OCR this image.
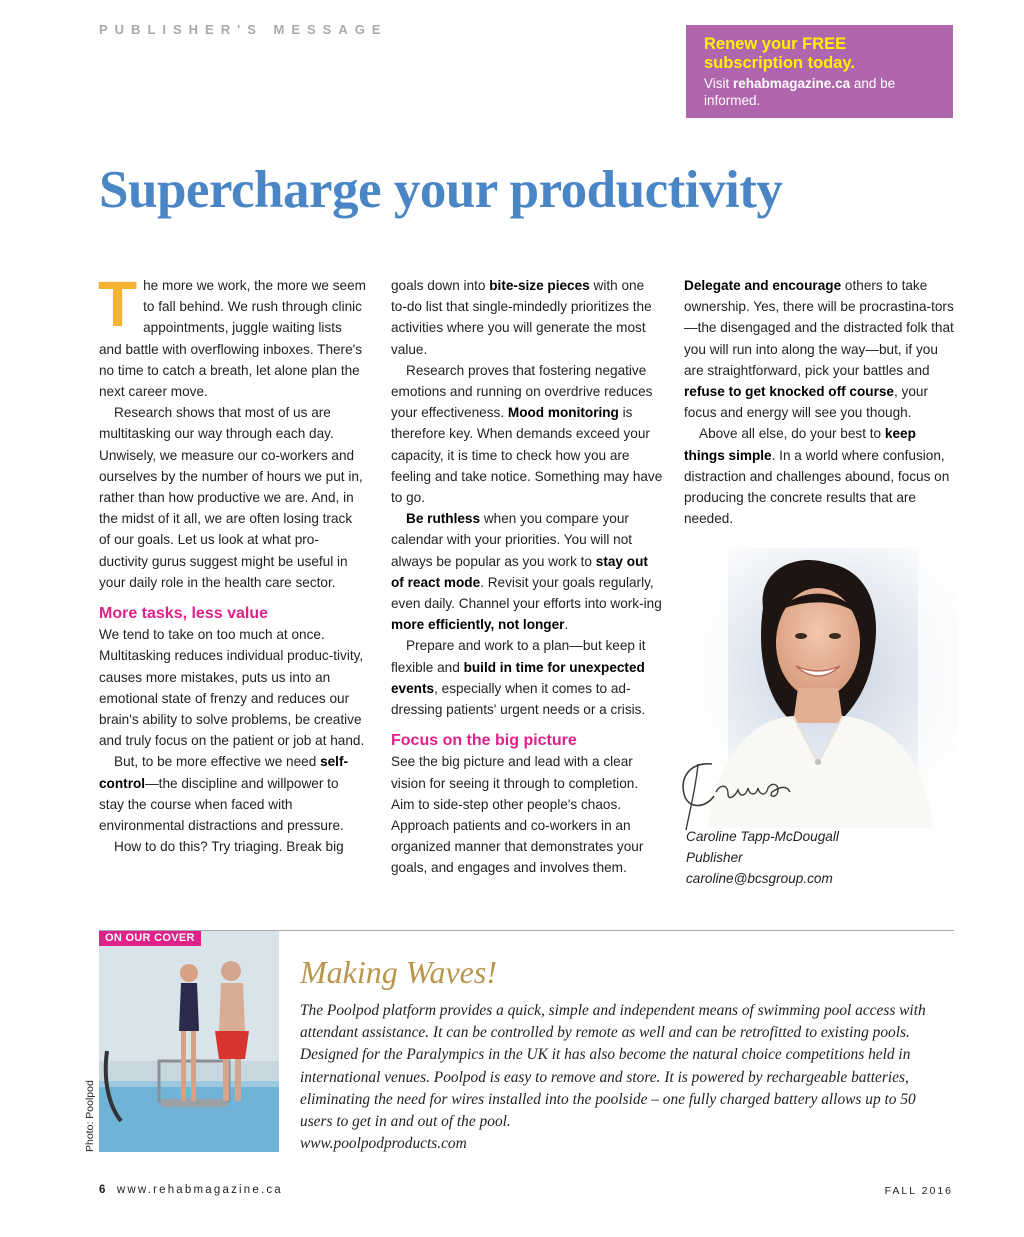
PUBLISHER'S MESSAGE
Renew your FREE subscription today.
Visit rehabmagazine.ca and be informed.
Supercharge your productivity

The more we work, the more we seem to fall behind. We rush through clinic appointments, juggle waiting lists and battle with overflowing inboxes. There's no time to catch a breath, let alone plan the next career move.

Research shows that most of us are multitasking our way through each day. Unwisely, we measure our co-workers and ourselves by the number of hours we put in, rather than how productive we are. And, in the midst of it all, we are often losing track of our goals. Let us look at what pro-ductivity gurus suggest might be useful in your daily role in the health care sector.

More tasks, less value

We tend to take on too much at once. Multitasking reduces individual produc-tivity, causes more mistakes, puts us into an emotional state of frenzy and reduces our brain's ability to solve problems, be creative and truly focus on the patient or job at hand.

But, to be more effective we need self-control—the discipline and willpower to stay the course when faced with environmental distractions and pressure.

How to do this? Try triaging. Break big

goals down into bite-size pieces with one to-do list that single-mindedly prioritizes the activities where you will generate the most value.

Research proves that fostering negative emotions and running on overdrive reduces your effectiveness. Mood monitoring is therefore key. When demands exceed your capacity, it is time to check how you are feeling and take notice. Something may have to go.

Be ruthless when you compare your calendar with your priorities. You will not always be popular as you work to stay out of react mode. Revisit your goals regularly, even daily. Channel your efforts into work-ing more efficiently, not longer.

Prepare and work to a plan—but keep it flexible and build in time for unexpected events, especially when it comes to ad-dressing patients' urgent needs or a crisis.

Focus on the big picture

See the big picture and lead with a clear vision for seeing it through to completion. Aim to side-step other people's chaos. Approach patients and co-workers in an organized manner that demonstrates your goals, and engages and involves them.

Delegate and encourage others to take ownership. Yes, there will be procrastina-tors—the disengaged and the distracted folk that you will run into along the way—but, if you are straightforward, pick your battles and refuse to get knocked off course, your focus and energy will see you though.

Above all else, do your best to keep things simple. In a world where confusion, distraction and challenges abound, focus on producing the concrete results that are needed.

Caroline Tapp-McDougall
Publisher
caroline@bcsgroup.com
ON OUR COVER
Photo: Poolpod
Making Waves!
The Poolpod platform provides a quick, simple and independent means of swimming pool access with attendant assistance. It can be controlled by remote as well and can be retrofitted to existing pools. Designed for the Paralympics in the UK it has also become the natural choice competitions held in international venues. Poolpod is easy to remove and store. It is powered by rechargeable batteries, eliminating the need for wires installed into the poolside – one fully charged battery allows up to 50 users to get in and out of the pool.
www.poolpodproducts.com
6 www.rehabmagazine.ca	FALL 2016
